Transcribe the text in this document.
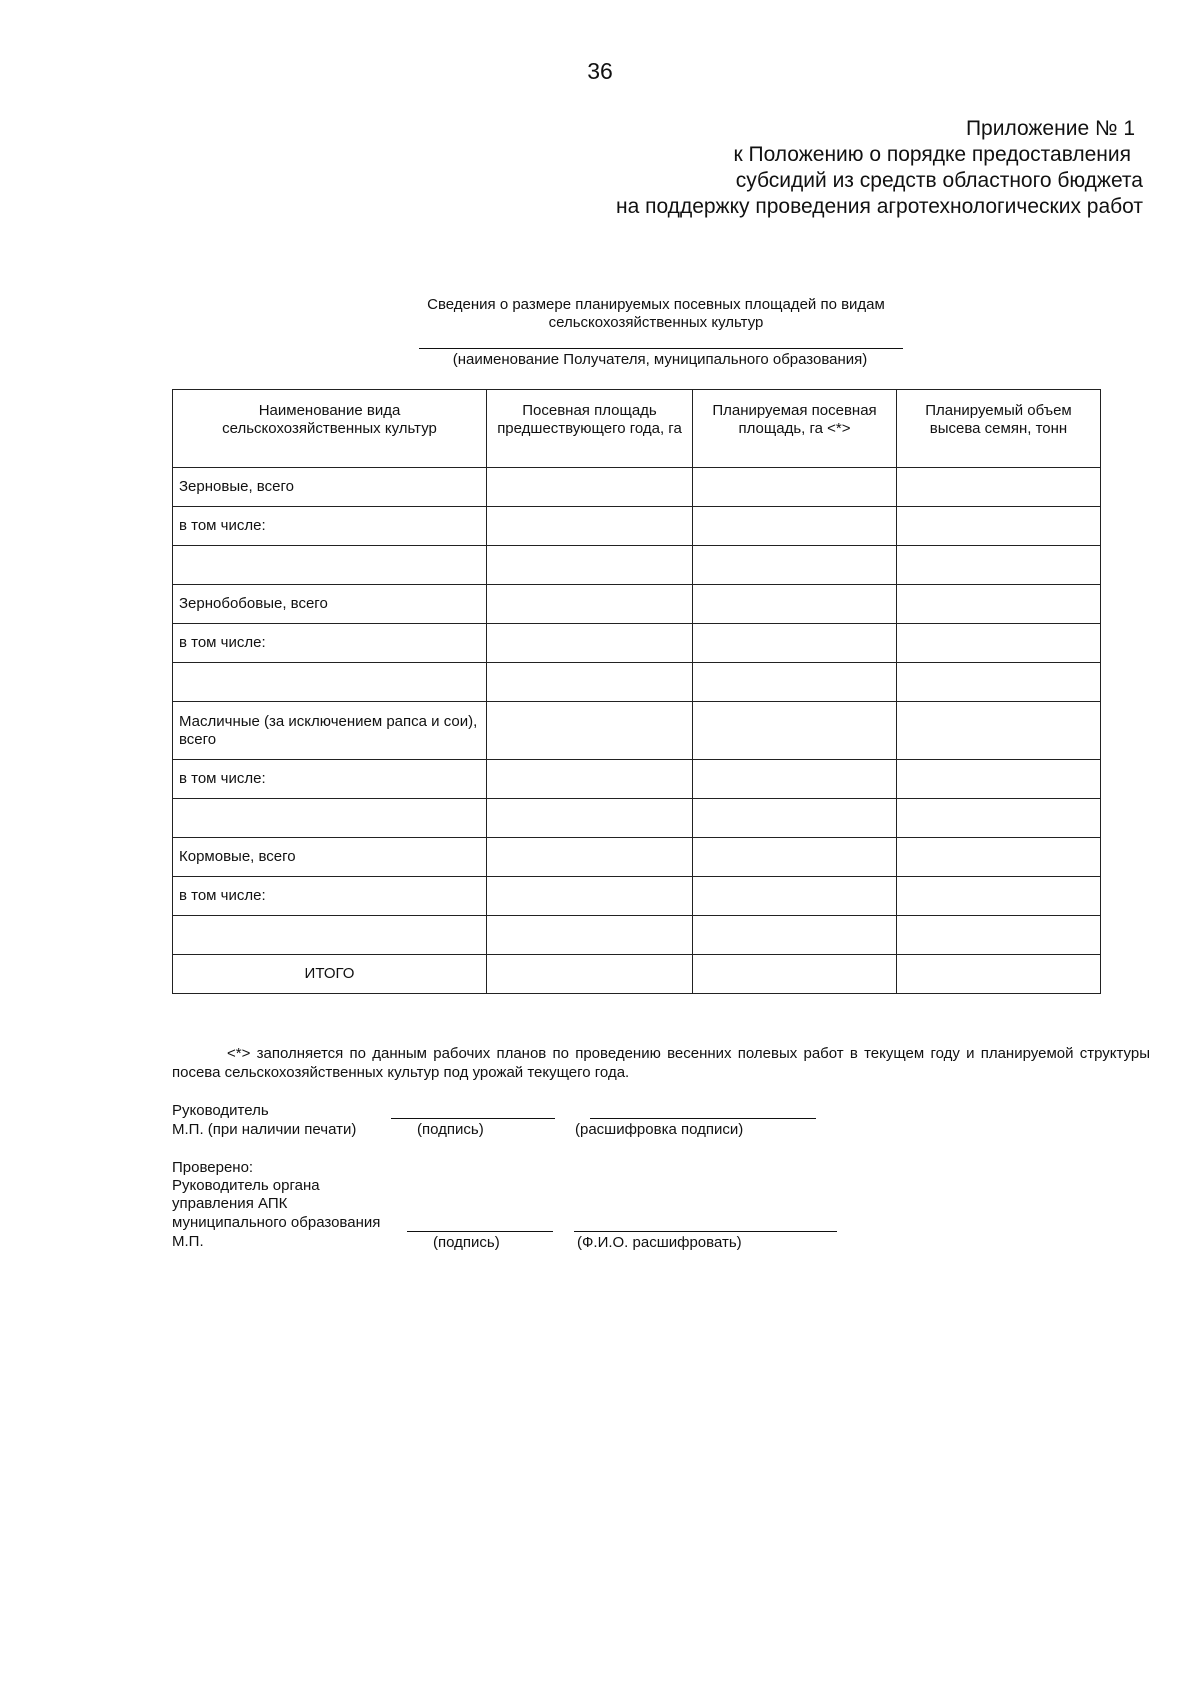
36
Приложение № 1
к Положению о порядке предоставления
субсидий из средств областного бюджета
на поддержку проведения агротехнологических работ
Сведения о размере планируемых посевных площадей по видам
сельскохозяйственных культур
(наименование Получателя, муниципального образования)
Наименование вида сельскохозяйственных культур	Посевная площадь предшествующего года, га	Планируемая посевная площадь, га <*>	Планируемый объем высева семян, тонн
Зерновые, всего			
в том числе:			

Зернобобовые, всего			
в том числе:			

Масличные (за исключением рапса и сои), всего			
в том числе:			

Кормовые, всего			
в том числе:			

ИТОГО			
<*> заполняется по данным рабочих планов по проведению весенних полевых работ в текущем году и планируемой структуры посева сельскохозяйственных культур под урожай текущего года.
Руководитель
М.П. (при наличии печати)	(подпись)	(расшифровка подписи)
Проверено:
Руководитель органа
управления АПК
муниципального образования
М.П.	(подпись)	(Ф.И.О. расшифровать)
